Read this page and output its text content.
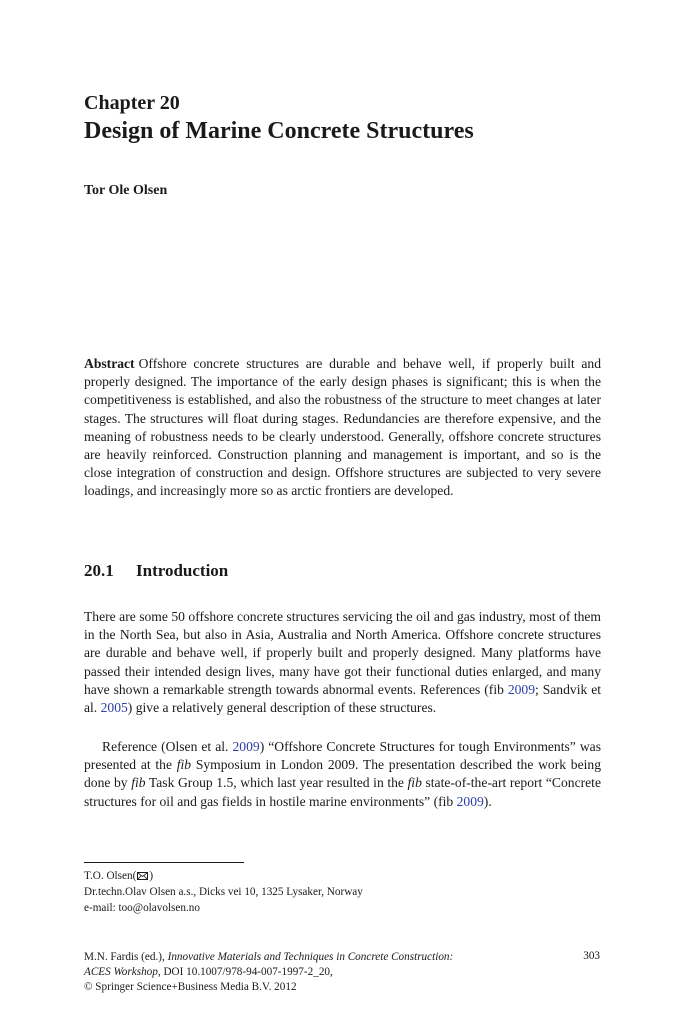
Chapter 20
Design of Marine Concrete Structures
Tor Ole Olsen

Abstract Offshore concrete structures are durable and behave well, if properly built and properly designed. The importance of the early design phases is significant; this is when the competitiveness is established, and also the robustness of the structure to meet changes at later stages. The structures will float during stages. Redundancies are therefore expensive, and the meaning of robustness needs to be clearly understood. Generally, offshore concrete structures are heavily reinforced. Construction planning and management is important, and so is the close integration of construction and design. Offshore structures are subjected to very severe loadings, and increasingly more so as arctic frontiers are developed.

20.1 Introduction

There are some 50 offshore concrete structures servicing the oil and gas industry, most of them in the North Sea, but also in Asia, Australia and North America. Offshore concrete structures are durable and behave well, if properly built and properly designed. Many platforms have passed their intended design lives, many have got their functional duties enlarged, and many have shown a remarkable strength towards abnormal events. References (fib 2009; Sandvik et al. 2005) give a relatively general description of these structures.

Reference (Olsen et al. 2009) “Offshore Concrete Structures for tough Environments” was presented at the fib Symposium in London 2009. The presentation described the work being done by fib Task Group 1.5, which last year resulted in the fib state-of-the-art report “Concrete structures for oil and gas fields in hostile marine environments” (fib 2009).

T.O. Olsen( )
Dr.techn.Olav Olsen a.s., Dicks vei 10, 1325 Lysaker, Norway
e-mail: too@olavolsen.no
M.N. Fardis (ed.), Innovative Materials and Techniques in Concrete Construction:
ACES Workshop, DOI 10.1007/978-94-007-1997-2_20,
© Springer Science+Business Media B.V. 2012
303
